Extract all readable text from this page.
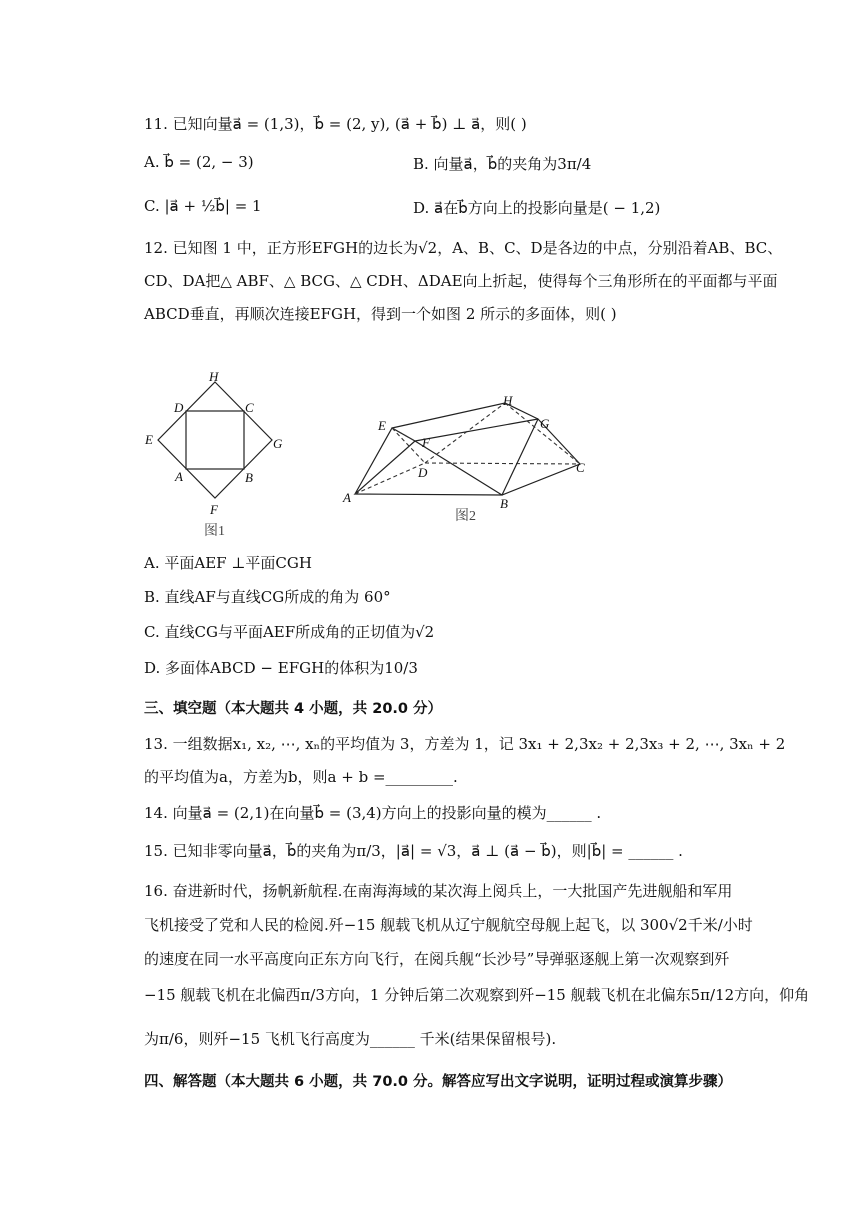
11. 已知向量a⃗ = (1,3)，b⃗ = (2, y), (a⃗ + b⃗) ⊥ a⃗，则( )
A. b⃗ = (2, − 3)	B. 向量a⃗，b⃗的夹角为3π/4
C. |a⃗ + ½b⃗| = 1	D. a⃗在b⃗方向上的投影向量是( − 1,2)
12. 已知图 1 中，正方形EFGH的边长为√2，A、B、C、D是各边的中点，分别沿着AB、BC、
CD、DA把△ ABF、△ BCG、△ CDH、ΔDAE向上折起，使得每个三角形所在的平面都与平面
ABCD垂直，再顺次连接EFGH，得到一个如图 2 所示的多面体，则( )
H
D	C
E	G
A	B
F
图1
E
H
G
F
D	C
A	B
图2
A. 平面AEF ⊥平面CGH
B. 直线AF与直线CG所成的角为 60°
C. 直线CG与平面AEF所成角的正切值为√2
D. 多面体ABCD − EFGH的体积为10/3
三、填空题（本大题共 4 小题，共 20.0 分）
13. 一组数据x₁, x₂, ⋯, xₙ的平均值为 3，方差为 1，记 3x₁ + 2,3x₂ + 2,3x₃ + 2, ⋯, 3xₙ + 2
的平均值为a，方差为b，则a + b =_________.
14. 向量a⃗ = (2,1)在向量b⃗ = (3,4)方向上的投影向量的模为______ .
15. 已知非零向量a⃗，b⃗的夹角为π/3，|a⃗| = √3，a⃗ ⊥ (a⃗ − b⃗)，则|b⃗| = ______ .
16. 奋进新时代，扬帆新航程.在南海海域的某次海上阅兵上，一大批国产先进舰船和军用
飞机接受了党和人民的检阅.歼−15 舰载飞机从辽宁舰航空母舰上起飞，以 300√2千米/小时
的速度在同一水平高度向正东方向飞行，在阅兵舰“长沙号”导弹驱逐舰上第一次观察到歼
−15 舰载飞机在北偏西π/3方向，1 分钟后第二次观察到歼−15 舰载飞机在北偏东5π/12方向，仰角
为π/6，则歼−15 飞机飞行高度为______ 千米(结果保留根号).
四、解答题（本大题共 6 小题，共 70.0 分。解答应写出文字说明，证明过程或演算步骤）
